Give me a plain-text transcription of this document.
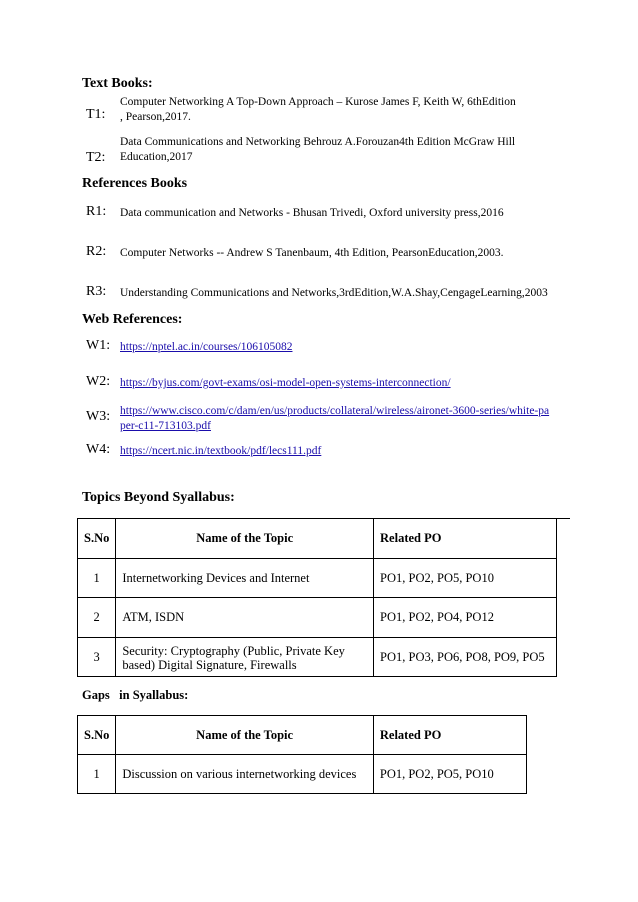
Text Books:
T1:
Computer Networking A Top-Down Approach – Kurose James F, Keith W, 6thEdition , Pearson,2017.
T2:
Data Communications and Networking Behrouz A.Forouzan4th Edition McGraw Hill Education,2017
References Books
R1: Data communication and Networks - Bhusan Trivedi, Oxford university press,2016
R2: Computer Networks -- Andrew S Tanenbaum, 4th Edition, PearsonEducation,2003.
R3: Understanding Communications and Networks,3rdEdition,W.A.Shay,CengageLearning,2003
Web References:
W1: https://nptel.ac.in/courses/106105082
W2: https://byjus.com/govt-exams/osi-model-open-systems-interconnection/
W3: https://www.cisco.com/c/dam/en/us/products/collateral/wireless/aironet-3600-series/white-paper-c11-713103.pdf
W4: https://ncert.nic.in/textbook/pdf/lecs111.pdf
Topics Beyond Syallabus:
S.No	Name of the Topic	Related PO
1	Internetworking Devices and Internet	PO1, PO2, PO5, PO10
2	ATM, ISDN	PO1, PO2, PO4, PO12
3	Security: Cryptography (Public, Private Key based) Digital Signature, Firewalls	PO1, PO3, PO6, PO8, PO9, PO5
Gaps   in Syallabus:
S.No	Name of the Topic	Related PO
1	Discussion on various internetworking devices	PO1, PO2, PO5, PO10
